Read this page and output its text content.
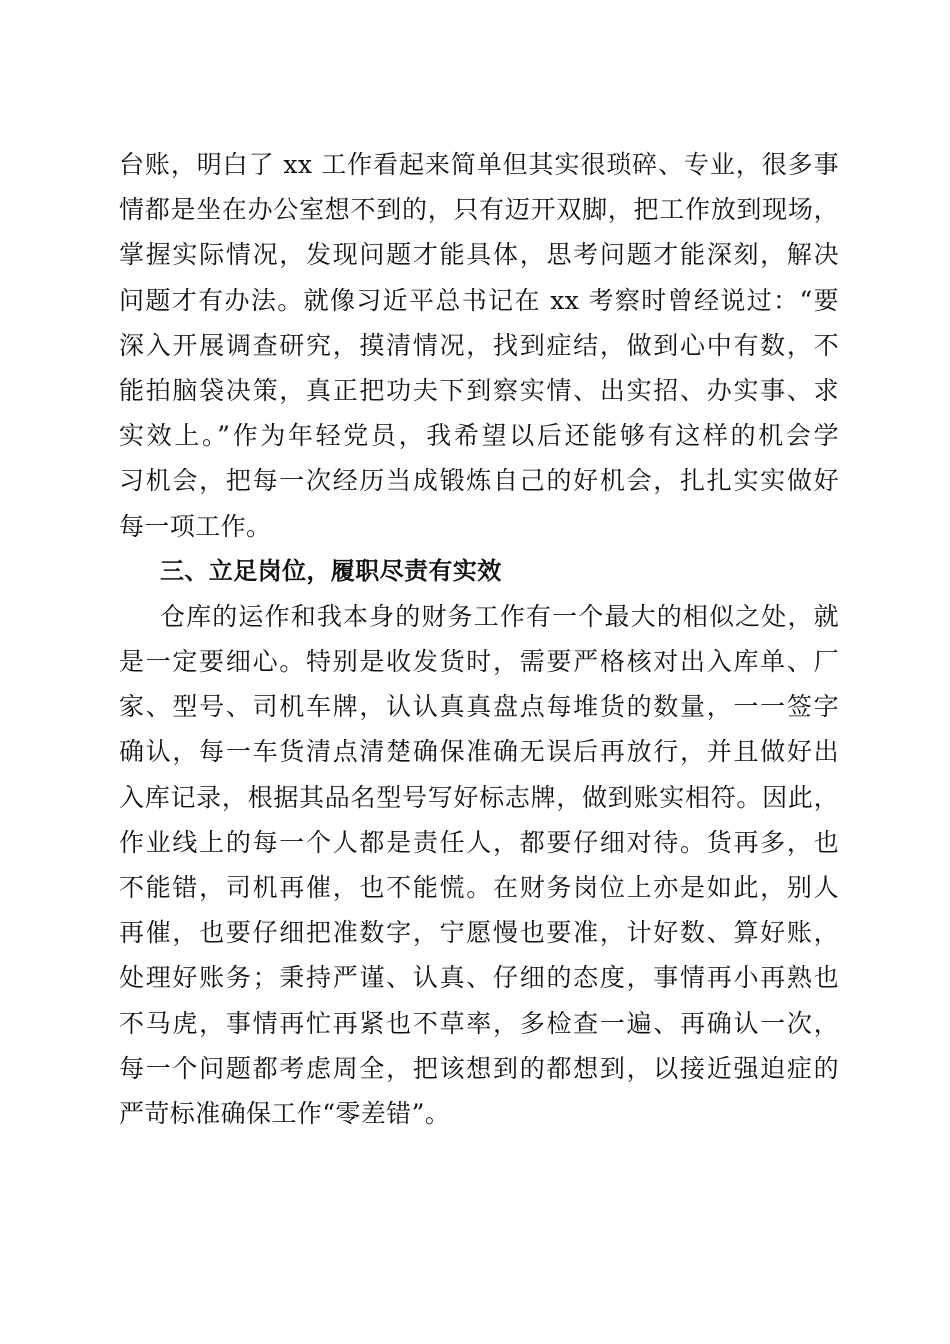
台账，明白了 xx 工作看起来简单但其实很琐碎、专业，很多事
情都是坐在办公室想不到的，只有迈开双脚，把工作放到现场，
掌握实际情况，发现问题才能具体，思考问题才能深刻，解决
问题才有办法。就像习近平总书记在 xx 考察时曾经说过：“要
深入开展调查研究，摸清情况，找到症结，做到心中有数，不
能拍脑袋决策，真正把功夫下到察实情、出实招、办实事、求
实效上。”作为年轻党员，我希望以后还能够有这样的机会学
习机会，把每一次经历当成锻炼自己的好机会，扎扎实实做好
每一项工作。
三、立足岗位，履职尽责有实效
仓库的运作和我本身的财务工作有一个最大的相似之处，就
是一定要细心。特别是收发货时，需要严格核对出入库单、厂
家、型号、司机车牌，认认真真盘点每堆货的数量，一一签字
确认，每一车货清点清楚确保准确无误后再放行，并且做好出
入库记录，根据其品名型号写好标志牌，做到账实相符。因此，
作业线上的每一个人都是责任人，都要仔细对待。货再多，也
不能错，司机再催，也不能慌。在财务岗位上亦是如此，别人
再催，也要仔细把准数字，宁愿慢也要准，计好数、算好账，
处理好账务；秉持严谨、认真、仔细的态度，事情再小再熟也
不马虎，事情再忙再紧也不草率，多检查一遍、再确认一次，
每一个问题都考虑周全，把该想到的都想到，以接近强迫症的
严苛标准确保工作“零差错”。
